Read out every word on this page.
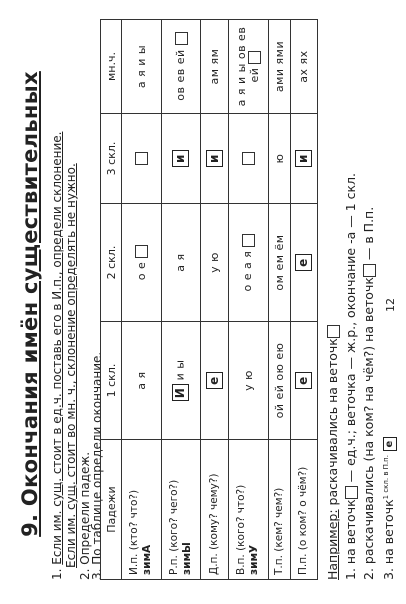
9. Окончания имён существительных
1. Если им. сущ. стоит в ед.ч. поставь его в И.п., определи склонение. Если им. сущ. стоит во мн. ч., склонение определять не нужно. 2. Определи падеж.
3. По таблице определи окончание. Падежи	1 скл.	2 скл.	3 скл.	мн.ч.

И.п. (кто? что?) зимА	а я	о е		а я и ы

Р.п. (кого? чего?) зимЫ	И и ы	а я	и	ов ев ей

Д.п. (кому? чему?)	е	у ю	и	ам ям

В.п. (кого? что?) зимУ	у ю	о е а я		а я и ы ов ев ей

Т.п. (кем? чем?)	ой ей ою ею	ом ем ём	ю	ами ями

П.п. (о ком? о чём?)	е	е	и	ах ях
Например: раскачивались на веточк
1. на веточк — ед.ч.; веточка — ж.р., окончание -а — 1 скл. 2. раскачивались (на ком? на чём?) на веточк — в П.п.
3. на веточк$^{1 скл. в П.п.}$ е
12
